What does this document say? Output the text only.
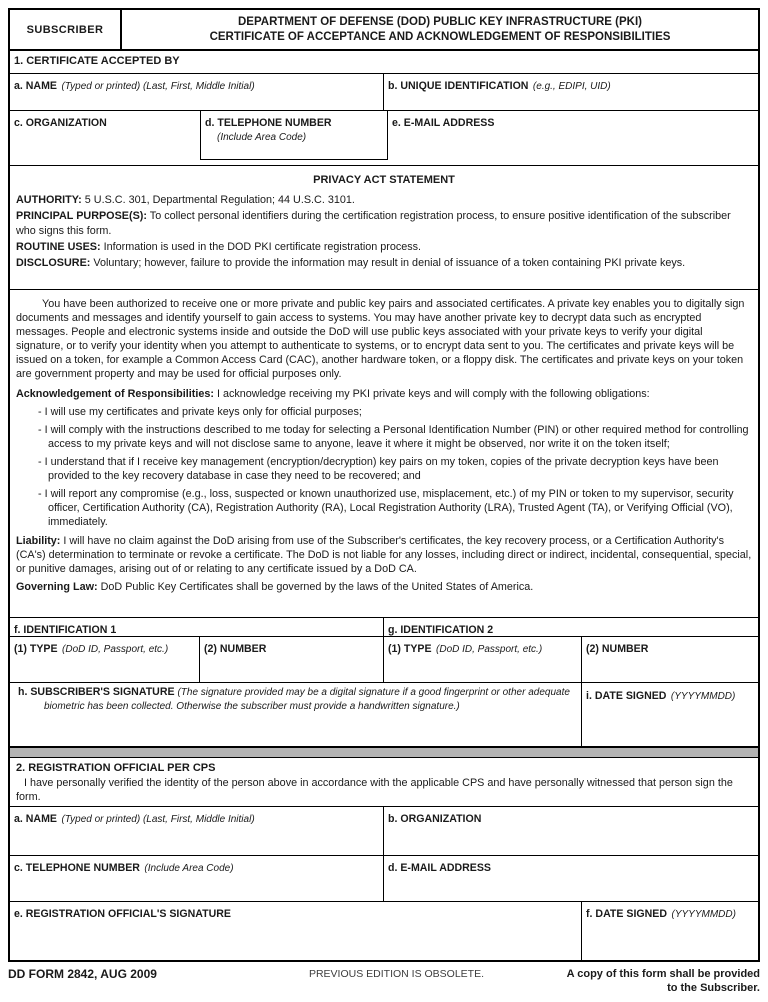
SUBSCRIBER
DEPARTMENT OF DEFENSE (DOD) PUBLIC KEY INFRASTRUCTURE (PKI)
CERTIFICATE OF ACCEPTANCE AND ACKNOWLEDGEMENT OF RESPONSIBILITIES
1. CERTIFICATE ACCEPTED BY
a. NAME (Typed or printed) (Last, First, Middle Initial)	b. UNIQUE IDENTIFICATION (e.g., EDIPI, UID)
c. ORGANIZATION	d. TELEPHONE NUMBER
(Include Area Code)
e. E-MAIL ADDRESS
PRIVACY ACT STATEMENT

AUTHORITY: 5 U.S.C. 301, Departmental Regulation; 44 U.S.C. 3101.

PRINCIPAL PURPOSE(S): To collect personal identifiers during the certification registration process, to ensure positive identification of the subscriber who signs this form.

ROUTINE USES: Information is used in the DOD PKI certificate registration process.

DISCLOSURE: Voluntary; however, failure to provide the information may result in denial of issuance of a token containing PKI private keys.

You have been authorized to receive one or more private and public key pairs and associated certificates. A private key enables you to digitally sign documents and messages and identify yourself to gain access to systems. You may have another private key to decrypt data such as encrypted messages. People and electronic systems inside and outside the DoD will use public keys associated with your private keys to verify your digital signature, or to verify your identity when you attempt to authenticate to systems, or to encrypt data sent to you. The certificates and private keys will be issued on a token, for example a Common Access Card (CAC), another hardware token, or a floppy disk. The certificates and private keys on your token are government property and may be used for official purposes only.

Acknowledgement of Responsibilities: I acknowledge receiving my PKI private keys and will comply with the following obligations:

- I will use my certificates and private keys only for official purposes;
- I will comply with the instructions described to me today for selecting a Personal Identification Number (PIN) or other required method for controlling access to my private keys and will not disclose same to anyone, leave it where it might be observed, nor write it on the token itself;
- I understand that if I receive key management (encryption/decryption) key pairs on my token, copies of the private decryption keys have been provided to the key recovery database in case they need to be recovered; and
- I will report any compromise (e.g., loss, suspected or known unauthorized use, misplacement, etc.) of my PIN or token to my supervisor, security officer, Certification Authority (CA), Registration Authority (RA), Local Registration Authority (LRA), Trusted Agent (TA), or Verifying Official (VO), immediately.

Liability: I will have no claim against the DoD arising from use of the Subscriber's certificates, the key recovery process, or a Certification Authority's (CA's) determination to terminate or revoke a certificate. The DoD is not liable for any losses, including direct or indirect, incidental, consequential, special, or punitive damages, arising out of or relating to any certificate issued by a DoD CA.

Governing Law: DoD Public Key Certificates shall be governed by the laws of the United States of America.

f. IDENTIFICATION 1	g. IDENTIFICATION 2
(1) TYPE (DoD ID, Passport, etc.)	(2) NUMBER	(1) TYPE (DoD ID, Passport, etc.)	(2) NUMBER
h. SUBSCRIBER'S SIGNATURE (The signature provided may be a digital signature if a good fingerprint or other adequate biometric has been collected. Otherwise the subscriber must provide a handwritten signature.)
i. DATE SIGNED (YYYYMMDD)
2. REGISTRATION OFFICIAL PER CPS
I have personally verified the identity of the person above in accordance with the applicable CPS and have personally witnessed that person sign the form.
a. NAME (Typed or printed) (Last, First, Middle Initial)	b. ORGANIZATION
c. TELEPHONE NUMBER (Include Area Code)	d. E-MAIL ADDRESS
e. REGISTRATION OFFICIAL'S SIGNATURE	f. DATE SIGNED (YYYYMMDD)
DD FORM 2842, AUG 2009	PREVIOUS EDITION IS OBSOLETE.	A copy of this form shall be provided
to the Subscriber.
